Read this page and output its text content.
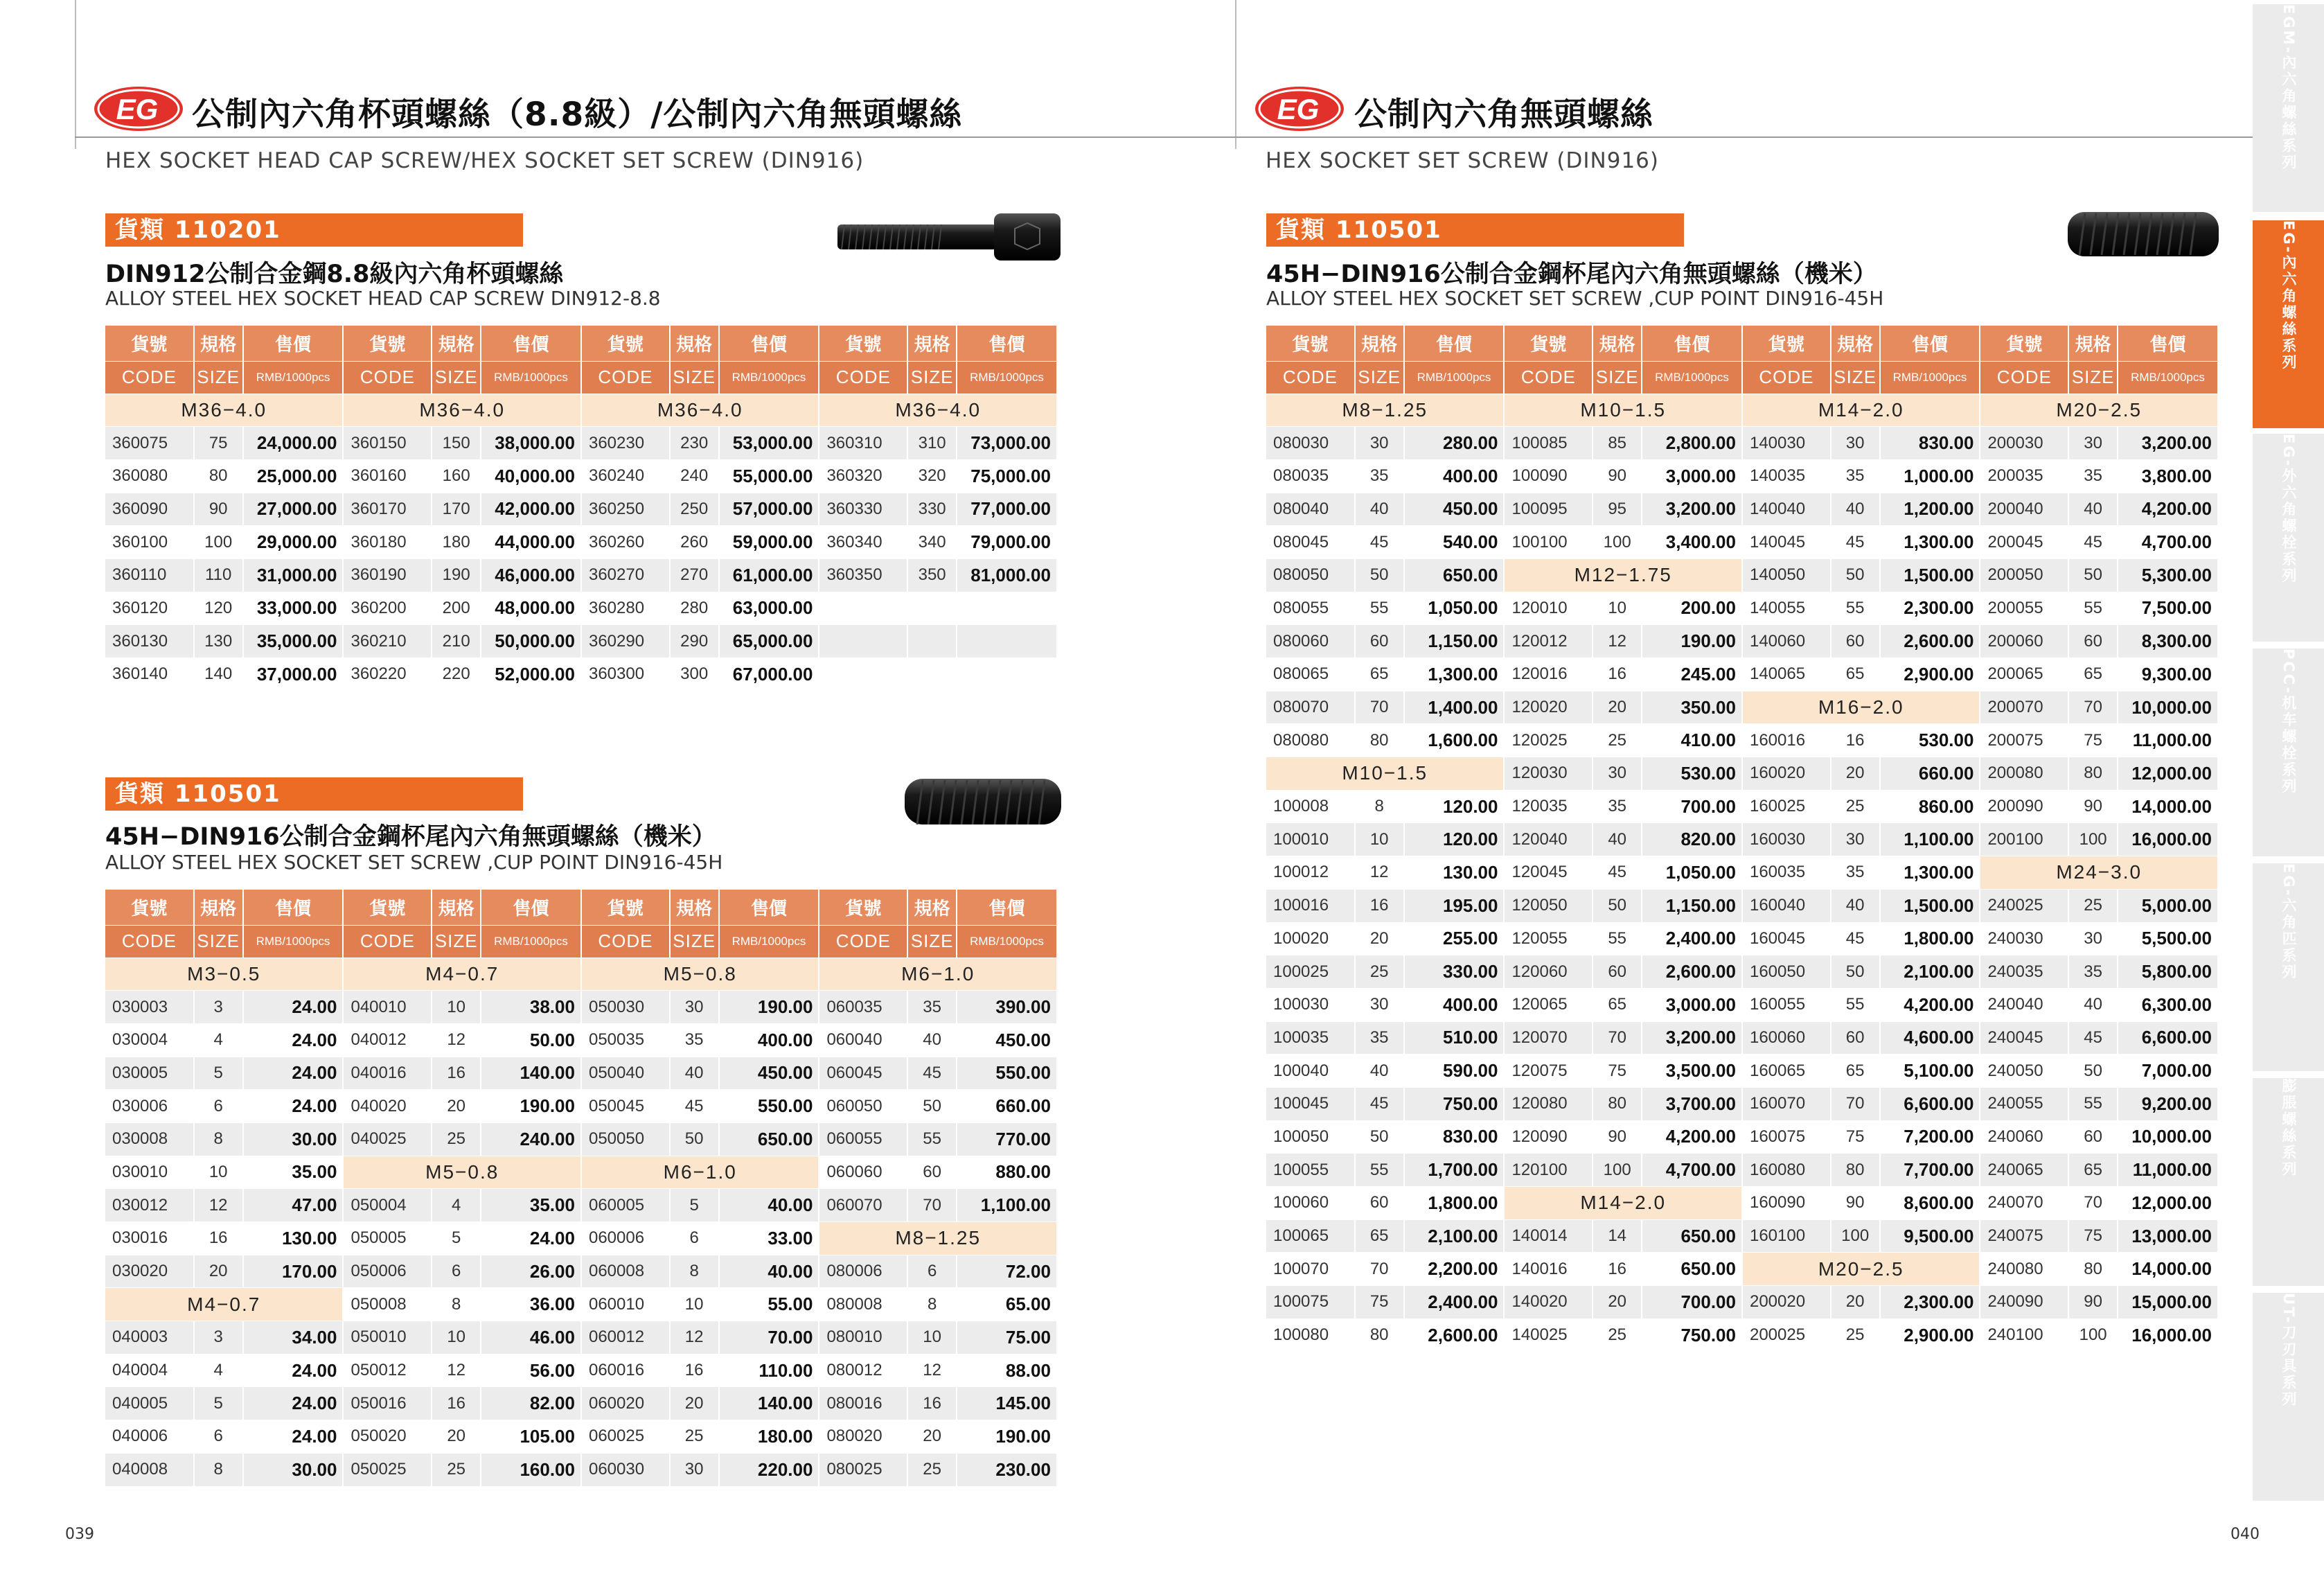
EG 公制內六角杯頭螺絲（8.8級）/公制內六角無頭螺絲
HEX SOCKET HEAD CAP SCREW/HEX SOCKET SET SCREW (DIN916)
貨類 110201
DIN912公制合金鋼8.8級內六角杯頭螺絲
ALLOY STEEL HEX SOCKET HEAD CAP SCREW DIN912-8.8
貨號	規格	售價	貨號	規格	售價	貨號	規格	售價	貨號	規格	售價
CODE	SIZE	RMB/1000pcs	CODE	SIZE	RMB/1000pcs	CODE	SIZE	RMB/1000pcs	CODE	SIZE	RMB/1000pcs
M36−4.0			M36−4.0			M36−4.0			M36−4.0		
360075	75	24,000.00	360150	150	38,000.00	360230	230	53,000.00	360310	310	73,000.00
360080	80	25,000.00	360160	160	40,000.00	360240	240	55,000.00	360320	320	75,000.00
360090	90	27,000.00	360170	170	42,000.00	360250	250	57,000.00	360330	330	77,000.00
360100	100	29,000.00	360180	180	44,000.00	360260	260	59,000.00	360340	340	79,000.00
360110	110	31,000.00	360190	190	46,000.00	360270	270	61,000.00	360350	350	81,000.00
360120	120	33,000.00	360200	200	48,000.00	360280	280	63,000.00			
360130	130	35,000.00	360210	210	50,000.00	360290	290	65,000.00			
360140	140	37,000.00	360220	220	52,000.00	360300	300	67,000.00			
貨類 110501
45H−DIN916公制合金鋼杯尾內六角無頭螺絲（機米）
ALLOY STEEL HEX SOCKET SET SCREW ,CUP POINT DIN916-45H
貨號	規格	售價	貨號	規格	售價	貨號	規格	售價	貨號	規格	售價
CODE	SIZE	RMB/1000pcs	CODE	SIZE	RMB/1000pcs	CODE	SIZE	RMB/1000pcs	CODE	SIZE	RMB/1000pcs
M3−0.5			M4−0.7			M5−0.8			M6−1.0		
030003	3	24.00	040010	10	38.00	050030	30	190.00	060035	35	390.00
030004	4	24.00	040012	12	50.00	050035	35	400.00	060040	40	450.00
030005	5	24.00	040016	16	140.00	050040	40	450.00	060045	45	550.00
030006	6	24.00	040020	20	190.00	050045	45	550.00	060050	50	660.00
030008	8	30.00	040025	25	240.00	050050	50	650.00	060055	55	770.00
030010	10	35.00	M5−0.8			M6−1.0			060060	60	880.00
030012	12	47.00	050004	4	35.00	060005	5	40.00	060070	70	1,100.00
030016	16	130.00	050005	5	24.00	060006	6	33.00	M8−1.25		
030020	20	170.00	050006	6	26.00	060008	8	40.00	080006	6	72.00
M4−0.7			050008	8	36.00	060010	10	55.00	080008	8	65.00
040003	3	34.00	050010	10	46.00	060012	12	70.00	080010	10	75.00
040004	4	24.00	050012	12	56.00	060016	16	110.00	080012	12	88.00
040005	5	24.00	050016	16	82.00	060020	20	140.00	080016	16	145.00
040006	6	24.00	050020	20	105.00	060025	25	180.00	080020	20	190.00
040008	8	30.00	050025	25	160.00	060030	30	220.00	080025	25	230.00
039
EG 公制內六角無頭螺絲
HEX SOCKET SET SCREW (DIN916)
貨類 110501
45H−DIN916公制合金鋼杯尾內六角無頭螺絲（機米）
ALLOY STEEL HEX SOCKET SET SCREW ,CUP POINT DIN916-45H
貨號	規格	售價	貨號	規格	售價	貨號	規格	售價	貨號	規格	售價
CODE	SIZE	RMB/1000pcs	CODE	SIZE	RMB/1000pcs	CODE	SIZE	RMB/1000pcs	CODE	SIZE	RMB/1000pcs
M8−1.25			M10−1.5			M14−2.0			M20−2.5		
080030	30	280.00	100085	85	2,800.00	140030	30	830.00	200030	30	3,200.00
080035	35	400.00	100090	90	3,000.00	140035	35	1,000.00	200035	35	3,800.00
080040	40	450.00	100095	95	3,200.00	140040	40	1,200.00	200040	40	4,200.00
080045	45	540.00	100100	100	3,400.00	140045	45	1,300.00	200045	45	4,700.00
080050	50	650.00	M12−1.75			140050	50	1,500.00	200050	50	5,300.00
080055	55	1,050.00	120010	10	200.00	140055	55	2,300.00	200055	55	7,500.00
080060	60	1,150.00	120012	12	190.00	140060	60	2,600.00	200060	60	8,300.00
080065	65	1,300.00	120016	16	245.00	140065	65	2,900.00	200065	65	9,300.00
080070	70	1,400.00	120020	20	350.00	M16−2.0			200070	70	10,000.00
080080	80	1,600.00	120025	25	410.00	160016	16	530.00	200075	75	11,000.00
M10−1.5			120030	30	530.00	160020	20	660.00	200080	80	12,000.00
100008	8	120.00	120035	35	700.00	160025	25	860.00	200090	90	14,000.00
100010	10	120.00	120040	40	820.00	160030	30	1,100.00	200100	100	16,000.00
100012	12	130.00	120045	45	1,050.00	160035	35	1,300.00	M24−3.0		
100016	16	195.00	120050	50	1,150.00	160040	40	1,500.00	240025	25	5,000.00
100020	20	255.00	120055	55	2,400.00	160045	45	1,800.00	240030	30	5,500.00
100025	25	330.00	120060	60	2,600.00	160050	50	2,100.00	240035	35	5,800.00
100030	30	400.00	120065	65	3,000.00	160055	55	4,200.00	240040	40	6,300.00
100035	35	510.00	120070	70	3,200.00	160060	60	4,600.00	240045	45	6,600.00
100040	40	590.00	120075	75	3,500.00	160065	65	5,100.00	240050	50	7,000.00
100045	45	750.00	120080	80	3,700.00	160070	70	6,600.00	240055	55	9,200.00
100050	50	830.00	120090	90	4,200.00	160075	75	7,200.00	240060	60	10,000.00
100055	55	1,700.00	120100	100	4,700.00	160080	80	7,700.00	240065	65	11,000.00
100060	60	1,800.00	M14−2.0			160090	90	8,600.00	240070	70	12,000.00
100065	65	2,100.00	140014	14	650.00	160100	100	9,500.00	240075	75	13,000.00
100070	70	2,200.00	140016	16	650.00	M20−2.5			240080	80	14,000.00
100075	75	2,400.00	140020	20	700.00	200020	20	2,300.00	240090	90	15,000.00
100080	80	2,600.00	140025	25	750.00	200025	25	2,900.00	240100	100	16,000.00
040
EGM-內六角螺絲系列
EG-內六角螺絲系列
EG-外六角螺栓系列
PCC-机车螺栓系列
EG-六角匹系列
膨脹螺絲系列
UT-刀刃具系列
